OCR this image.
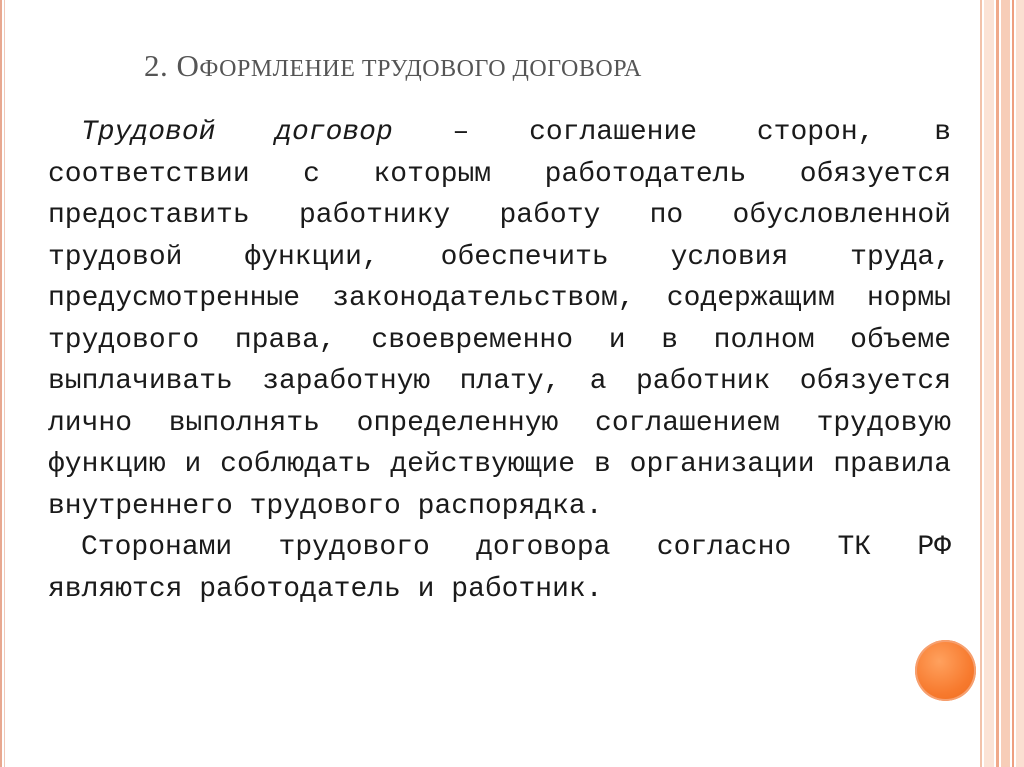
2. ОФОРМЛЕНИЕ ТРУДОВОГО ДОГОВОРА

Трудовой договор – соглашение сторон, в соответствии с которым работодатель обязуется предоставить работнику работу по обусловленной трудовой функции, обеспечить условия труда, предусмотренные законодательством, содержащим нормы трудового права, своевременно и в полном объеме выплачивать заработную плату, а работник обязуется лично выполнять определенную соглашением трудовую функцию и соблюдать действующие в организации правила внутреннего трудового распорядка.

Сторонами трудового договора согласно ТК РФ являются работодатель и работник.
